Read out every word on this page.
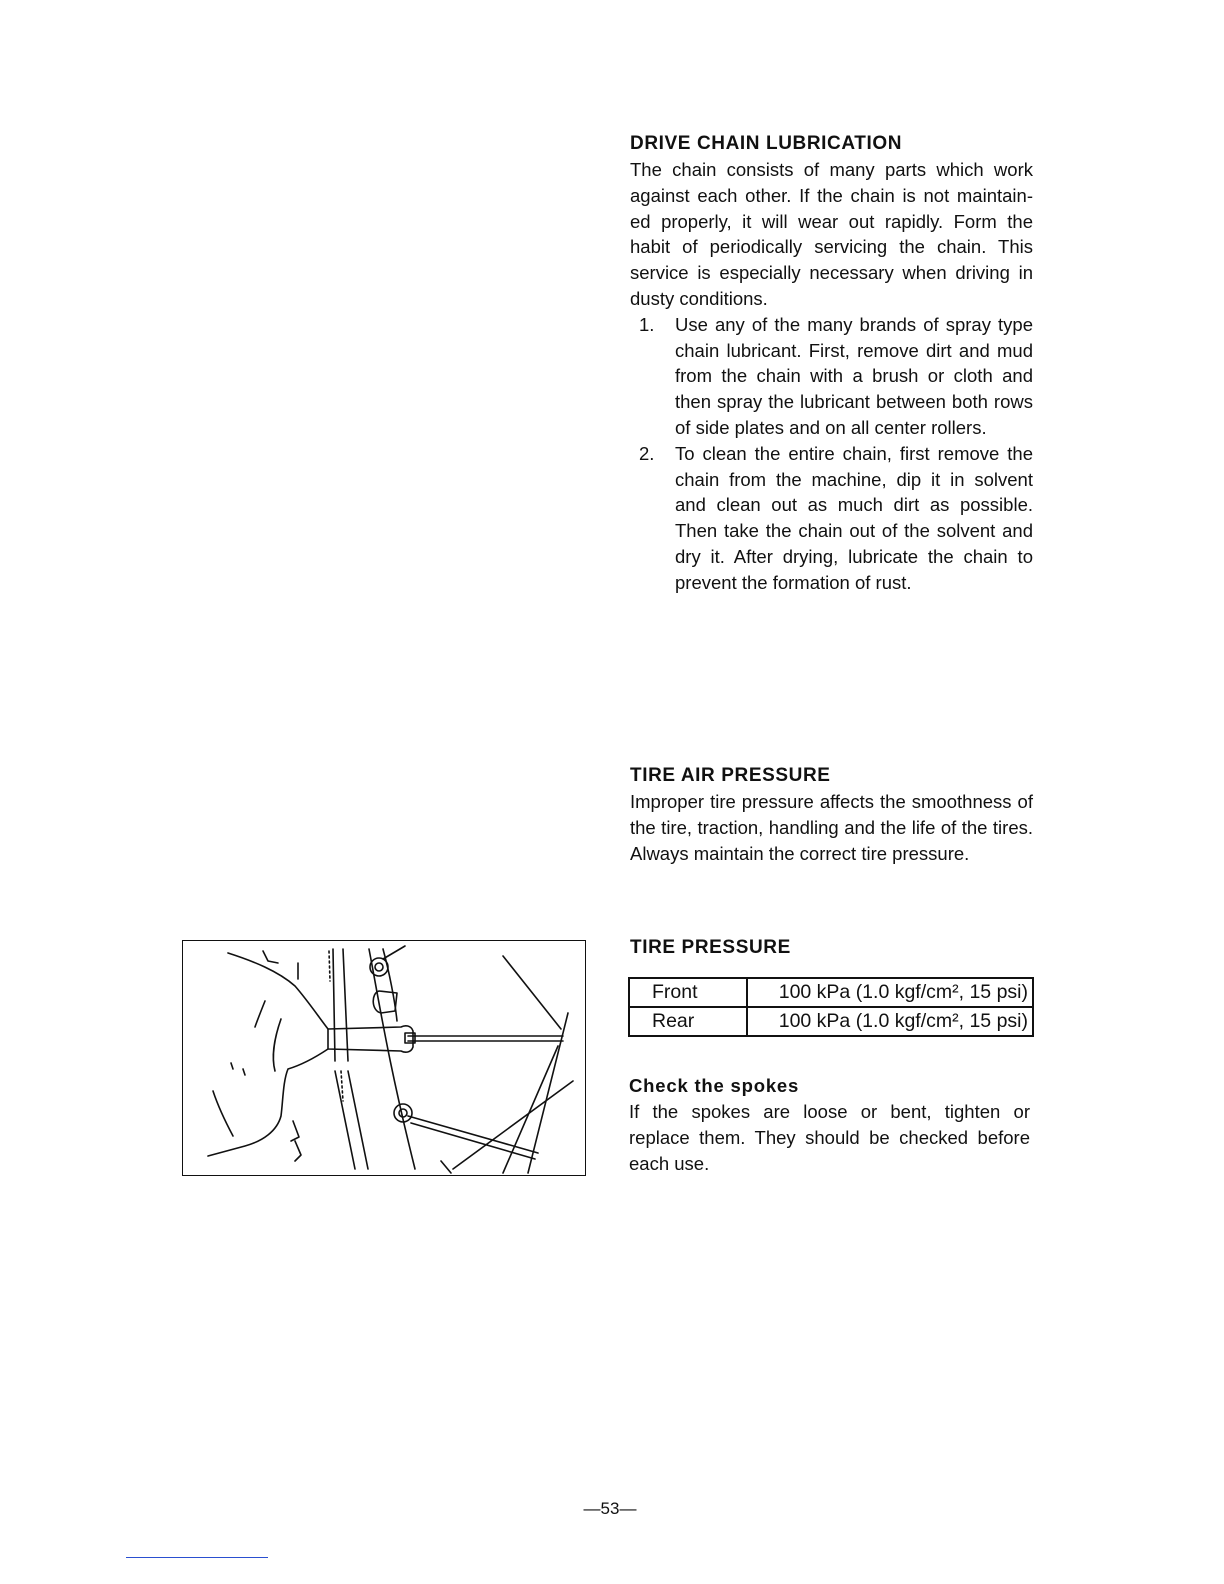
DRIVE CHAIN LUBRICATION

The chain consists of many parts which work against each other. If the chain is not maintain-ed properly, it will wear out rapidly. Form the habit of periodically servicing the chain. This service is especially necessary when driving in dusty conditions.

1. Use any of the many brands of spray type chain lubricant. First, remove dirt and mud from the chain with a brush or cloth and then spray the lubricant between both rows of side plates and on all center rollers.
2. To clean the entire chain, first remove the chain from the machine, dip it in solvent and clean out as much dirt as possible. Then take the chain out of the solvent and dry it. After drying, lubricate the chain to prevent the formation of rust.
TIRE AIR PRESSURE

Improper tire pressure affects the smoothness of the tire, traction, handling and the life of the tires. Always maintain the correct tire pressure.

TIRE PRESSURE
Front	100 kPa (1.0 kgf/cm², 15 psi)
Rear	100 kPa (1.0 kgf/cm², 15 psi)
Check the spokes

If the spokes are loose or bent, tighten or replace them. They should be checked before each use.

—53—
